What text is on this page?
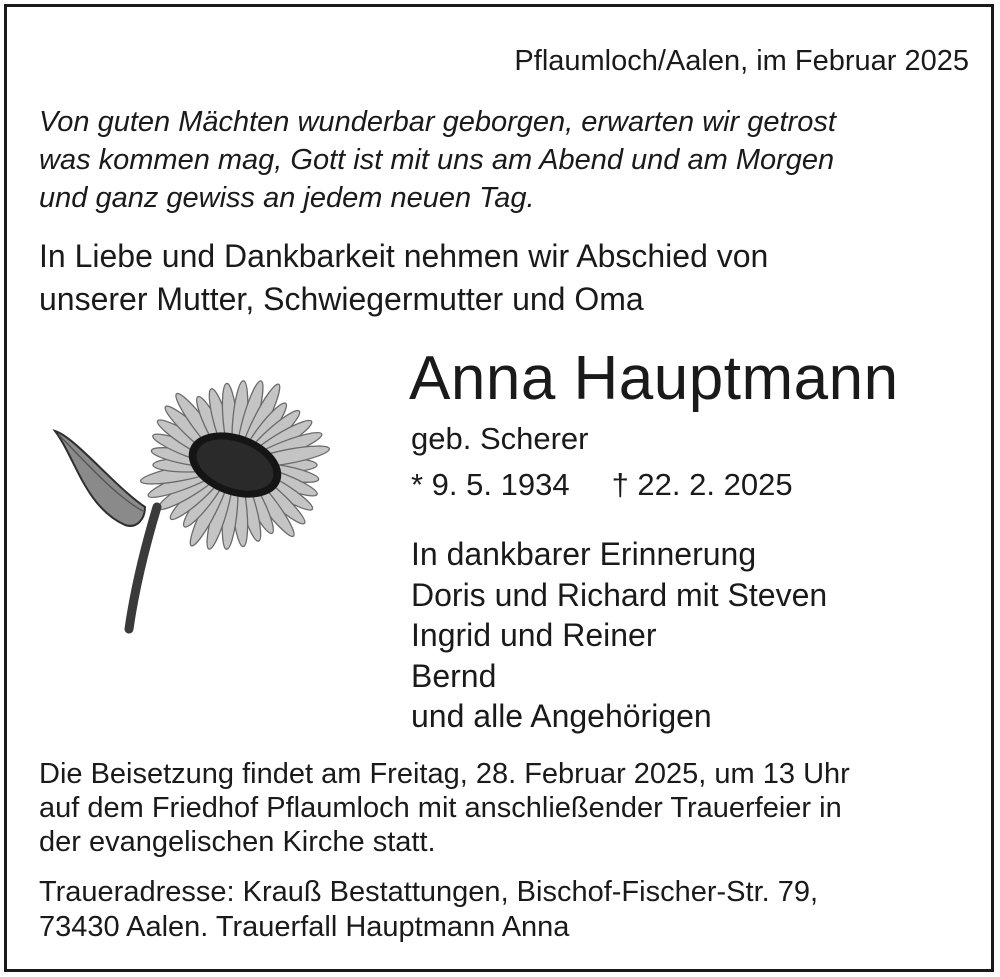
Pflaumloch/Aalen, im Februar 2025

Von guten Mächten wunderbar geborgen, erwarten wir getrost
was kommen mag, Gott ist mit uns am Abend und am Morgen
und ganz gewiss an jedem neuen Tag.
In Liebe und Dankbarkeit nehmen wir Abschied von
unserer Mutter, Schwiegermutter und Oma

Anna Hauptmann

geb. Scherer

* 9. 5. 1934 † 22. 2. 2025

In dankbarer Erinnerung
Doris und Richard mit Steven
Ingrid und Reiner
Bernd
und alle Angehörigen
Die Beisetzung findet am Freitag, 28. Februar 2025, um 13 Uhr
auf dem Friedhof Pflaumloch mit anschließender Trauerfeier in
der evangelischen Kirche statt.
Traueradresse: Krauß Bestattungen, Bischof-Fischer-Str. 79,
73430 Aalen. Trauerfall Hauptmann Anna
